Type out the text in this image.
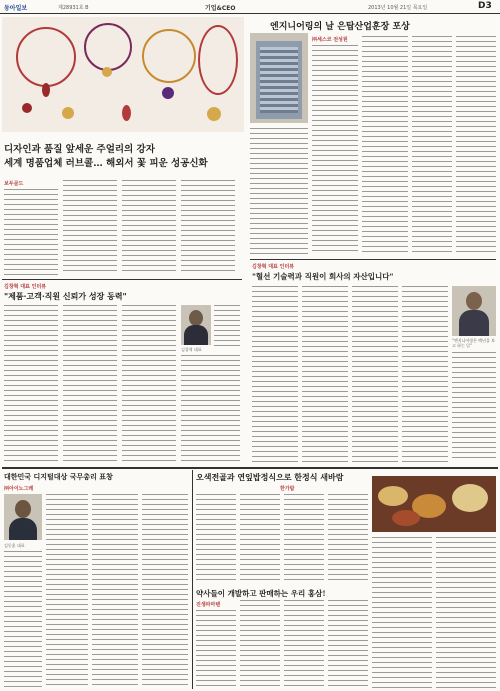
동아일보	제28931호 B	기업&CEO	2013년 10월 21일 목요일	D3
디자인과 품질 앞세운 주얼리의 강자
세계 명품업체 러브콜… 해외서 꽃 피운 성공신화
보두골드
김창혁 대표 인터뷰
"제품·고객·직원 신뢰가 성장 동력"
김창혁 대표
엔지니어링의 날 은탑산업훈장 포상
㈜세스코 전성원
김창혁 대표 인터뷰
"혈선 기술력과 직원이 회사의 자산입니다"
"엔지니어링은 백년을 보고 하는 일"
대한민국 디지털대상 국무총리 표창
㈜아이노그레
김동훈 대표
오색전골과 연잎밥정식으로 한정식 새바람
한가람
약사들이 개발하고 판매하는 우리 홍삼!
진생파마텐
